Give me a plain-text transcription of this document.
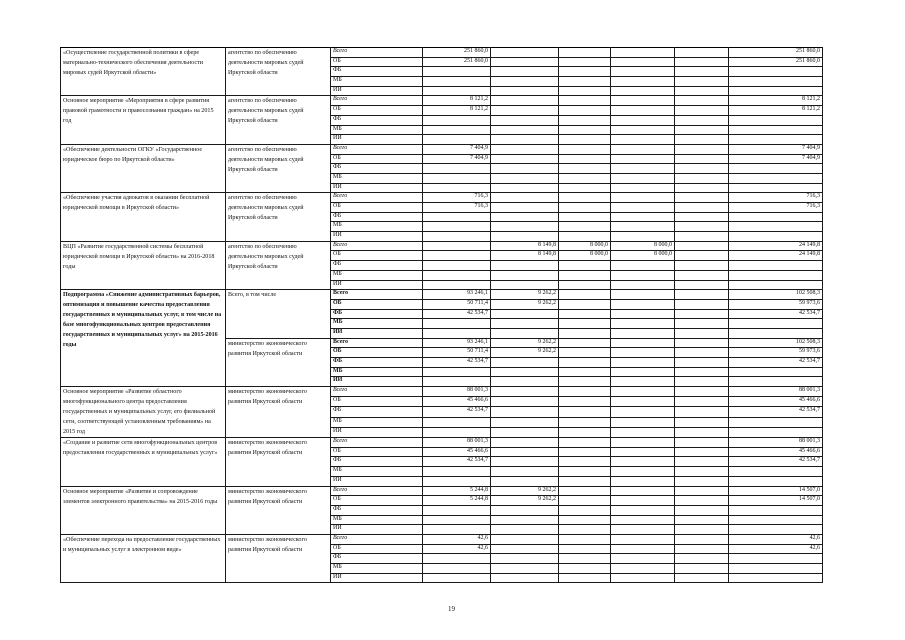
«Осуществление государственной политики в сфере материально-технического обеспечения деятельности мировых судей Иркутской области»	агентство по обеспечению деятельности мировых судей Иркутской области	Всего	251 860,0					251 860,0
		ОБ	251 860,0					251 860,0
		ФБ						
		МБ						
		ИИ						
Основное мероприятие «Мероприятия в сфере развития правовой грамотности и правосознания граждан» на 2015 год	агентство по обеспечению деятельности мировых судей Иркутской области	Всего	8 121,2					8 121,2
		ОБ	8 121,2					8 121,2
		ФБ						
		МБ						
		ИИ						
«Обеспечение деятельности ОГКУ «Государственное юридическое бюро по Иркутской области»	агентство по обеспечению деятельности мировых судей Иркутской области	Всего	7 404,9					7 404,9
		ОБ	7 404,9					7 404,9
		ФБ						
		МБ						
		ИИ						
«Обеспечение участия адвокатов в оказании бесплатной юридической помощи в Иркутской области»	агентство по обеспечению деятельности мировых судей Иркутской области	Всего	716,3					716,3
		ОБ	716,3					716,3
		ФБ						
		МБ						
		ИИ						
ВЦП «Развитие государственной системы бесплатной юридической помощи в Иркутской области» на 2016-2018 годы	агентство по обеспечению деятельности мировых судей Иркутской области	Всего		8 149,8	8 000,0	8 000,0		24 149,8
		ОБ		8 149,8	8 000,0	8 000,0		24 149,8
		ФБ						
		МБ						
		ИИ						
Подпрограмма «Снижение административных барьеров, оптимизация и повышение качества предоставления государственных и муниципальных услуг, в том числе на базе многофункциональных центров предоставления государственных и муниципальных услуг» на 2015-2016 годы	Всего, в том числе	Всего	93 246,1	9 262,2				102 508,3
		ОБ	50 711,4	9 262,2				59 973,6
		ФБ	42 534,7					42 534,7
		МБ						
		ИИ						
	министерство экономического развития Иркутской области	Всего	93 246,1	9 262,2				102 508,3
		ОБ	50 711,4	9 262,2				59 973,6
		ФБ	42 534,7					42 534,7
		МБ						
		ИИ						
Основное мероприятие «Развитие областного многофункционального центра предоставления государственных и муниципальных услуг, его филиальной сети, соответствующей установленным требованиям» на 2015 год	министерство экономического развития Иркутской области	Всего	88 001,3					88 001,3
		ОБ	45 466,6					45 466,6
		ФБ	42 534,7					42 534,7
		МБ						
		ИИ						
«Создание и развитие сети многофункциональных центров предоставления государственных и муниципальных услуг»	министерство экономического развития Иркутской области	Всего	88 001,3					88 001,3
		ОБ	45 466,6					45 466,6
		ФБ	42 534,7					42 534,7
		МБ						
		ИИ						
Основное мероприятие «Развитие и сопровождение элементов электронного правительства» на 2015-2016 годы	министерство экономического развития Иркутской области	Всего	5 244,8	9 262,2				14 507,0
		ОБ	5 244,8	9 262,2				14 507,0
		ФБ						
		МБ						
		ИИ						
«Обеспечение перехода на предоставление государственных и муниципальных услуг в электронном виде»	министерство экономического развития Иркутской области	Всего	42,6					42,6
		ОБ	42,6					42,6
		ФБ						
		МБ						
		ИИ						
19
